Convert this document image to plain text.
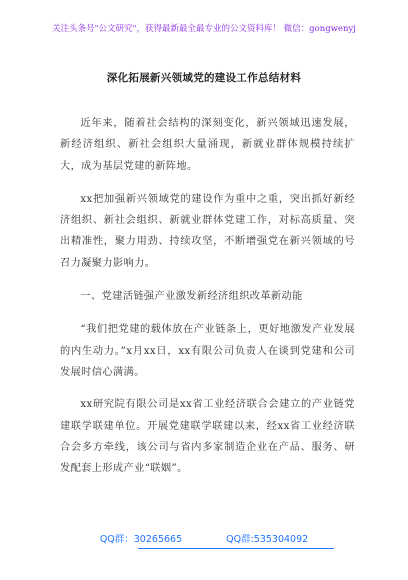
关注头条号"公文研究"，获得最新最全最专业的公文资料库！ 微信：gongwenyj
深化拓展新兴领域党的建设工作总结材料

近年来，随着社会结构的深刻变化，新兴领域迅速发展，新经济组织、新社会组织大量涌现，新就业群体规模持续扩大，成为基层党建的新阵地。

xx把加强新兴领域党的建设作为重中之重，突出抓好新经济组织、新社会组织、新就业群体党建工作，对标高质量、突出精准性，聚力用劲、持续攻坚，不断增强党在新兴领域的号召力凝聚力影响力。

一、党建活链强产业激发新经济组织改革新动能

“我们把党建的载体放在产业链条上，更好地激发产业发展的内生动力。”x月xx日，xx有限公司负责人在谈到党建和公司发展时信心满满。

xx研究院有限公司是xx省工业经济联合会建立的产业链党建联学联建单位。开展党建联学联建以来，经xx省工业经济联合会多方牵线，该公司与省内多家制造企业在产品、服务、研发配套上形成产业“联姻”。

QQ群：30265665	QQ群:535304092
